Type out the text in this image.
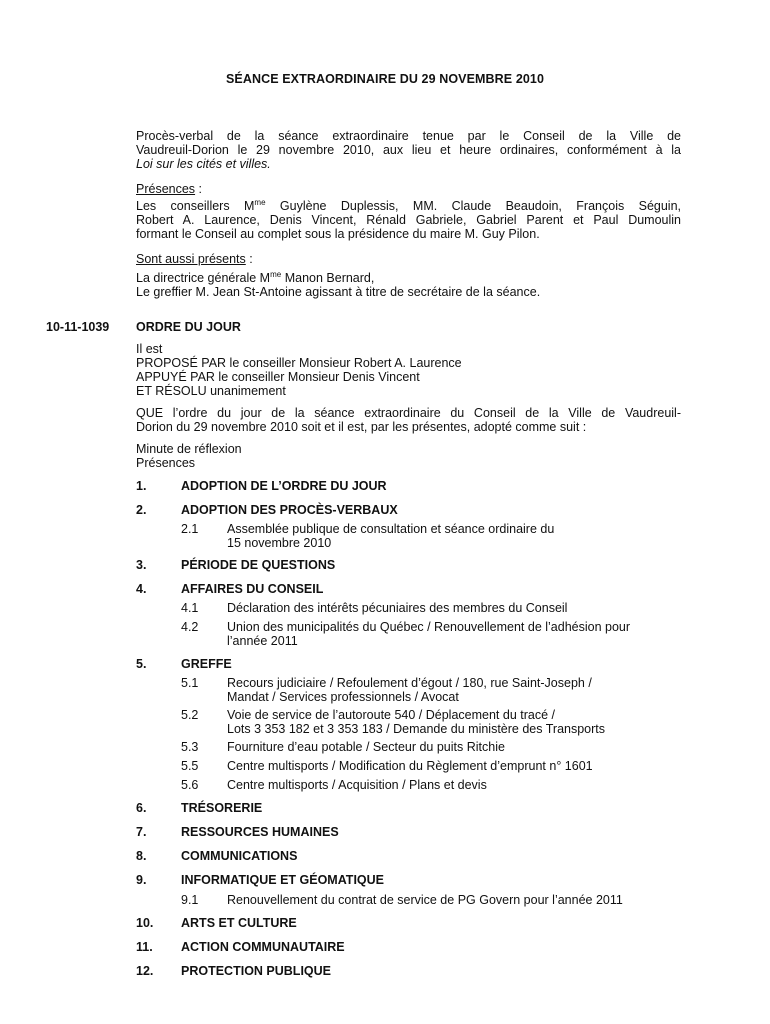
SÉANCE EXTRAORDINAIRE DU 29 NOVEMBRE 2010
Procès-verbal de la séance extraordinaire tenue par le Conseil de la Ville de
Vaudreuil-Dorion le 29 novembre 2010, aux lieu et heure ordinaires, conformément à la
Loi sur les cités et villes.
Présences :
Les conseillers $M^{me}$ Guylène Duplessis, MM. Claude Beaudoin, François Séguin,
Robert A. Laurence, Denis Vincent, Rénald Gabriele, Gabriel Parent et Paul Dumoulin
formant le Conseil au complet sous la présidence du maire M. Guy Pilon.
Sont aussi présents :
La directrice générale $M^{me}$ Manon Bernard,
Le greffier M. Jean St-Antoine agissant à titre de secrétaire de la séance.
10-11-1039 ORDRE DU JOUR
Il est
PROPOSÉ PAR le conseiller Monsieur Robert A. Laurence
APPUYÉ PAR le conseiller Monsieur Denis Vincent
ET RÉSOLU unanimement
QUE l’ordre du jour de la séance extraordinaire du Conseil de la Ville de Vaudreuil-
Dorion du 29 novembre 2010 soit et il est, par les présentes, adopté comme suit :
Minute de réflexion
Présences
1.	ADOPTION DE L’ORDRE DU JOUR
2.	ADOPTION DES PROCÈS-VERBAUX
2.1 Assemblée publique de consultation et séance ordinaire du
15 novembre 2010
3.	PÉRIODE DE QUESTIONS
4.	AFFAIRES DU CONSEIL
4.1 Déclaration des intérêts pécuniaires des membres du Conseil
4.2 Union des municipalités du Québec / Renouvellement de l’adhésion pour
l’année 2011
5.	GREFFE
5.1 Recours judiciaire / Refoulement d’égout / 180, rue Saint-Joseph /
Mandat / Services professionnels / Avocat
5.2 Voie de service de l’autoroute 540 / Déplacement du tracé /
Lots 3 353 182 et 3 353 183 / Demande du ministère des Transports
5.3 Fourniture d’eau potable / Secteur du puits Ritchie
5.5 Centre multisports / Modification du Règlement d’emprunt n° 1601
5.6 Centre multisports / Acquisition / Plans et devis
6.	TRÉSORERIE
7.	RESSOURCES HUMAINES
8.	COMMUNICATIONS
9.	INFORMATIQUE ET GÉOMATIQUE
9.1 Renouvellement du contrat de service de PG Govern pour l’année 2011
10. ARTS ET CULTURE
11. ACTION COMMUNAUTAIRE
12. PROTECTION PUBLIQUE
